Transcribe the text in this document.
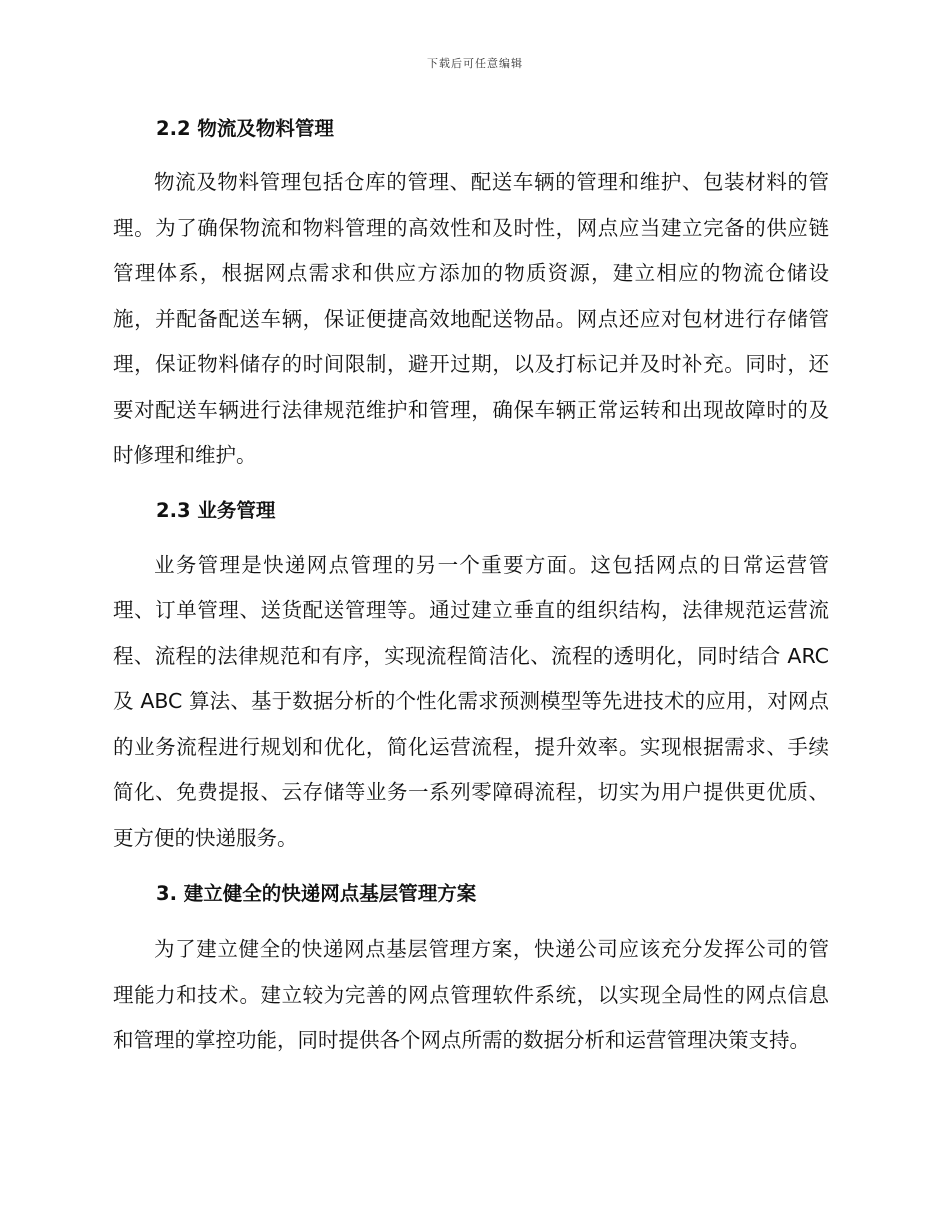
下载后可任意编辑
2.2 物流及物料管理

物流及物料管理包括仓库的管理、配送车辆的管理和维护、包装材料的管理。为了确保物流和物料管理的高效性和及时性，网点应当建立完备的供应链管理体系，根据网点需求和供应方添加的物质资源，建立相应的物流仓储设施，并配备配送车辆，保证便捷高效地配送物品。网点还应对包材进行存储管理，保证物料储存的时间限制，避开过期，以及打标记并及时补充。同时，还要对配送车辆进行法律规范维护和管理，确保车辆正常运转和出现故障时的及时修理和维护。

2.3 业务管理

业务管理是快递网点管理的另一个重要方面。这包括网点的日常运营管理、订单管理、送货配送管理等。通过建立垂直的组织结构，法律规范运营流程、流程的法律规范和有序，实现流程简洁化、流程的透明化，同时结合 ARC 及 ABC 算法、基于数据分析的个性化需求预测模型等先进技术的应用，对网点的业务流程进行规划和优化，简化运营流程，提升效率。实现根据需求、手续简化、免费提报、云存储等业务一系列零障碍流程，切实为用户提供更优质、更方便的快递服务。

3. 建立健全的快递网点基层管理方案

为了建立健全的快递网点基层管理方案，快递公司应该充分发挥公司的管理能力和技术。建立较为完善的网点管理软件系统，以实现全局性的网点信息和管理的掌控功能，同时提供各个网点所需的数据分析和运营管理决策支持。
